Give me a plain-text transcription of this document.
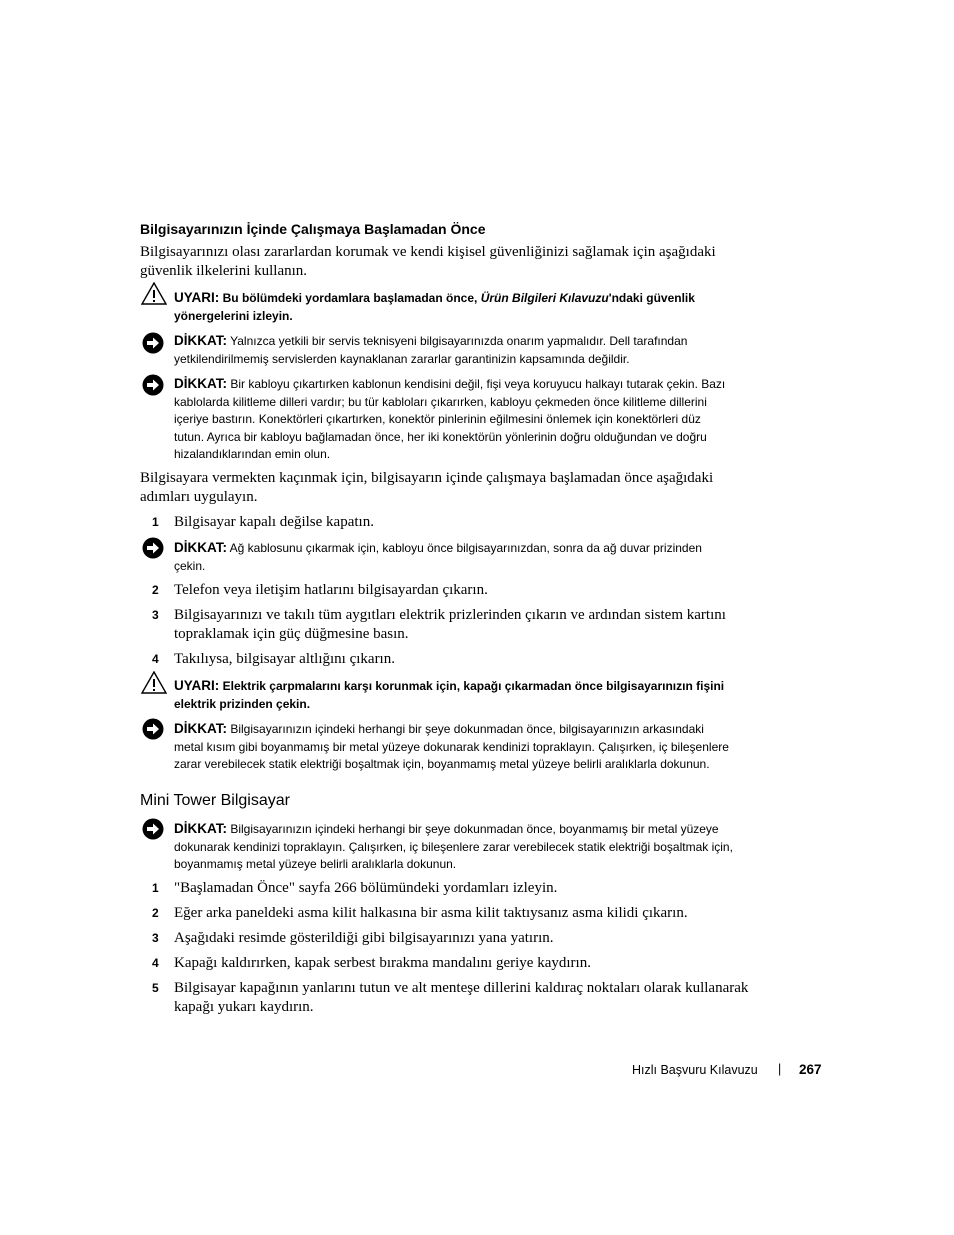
Bilgisayarınızın İçinde Çalışmaya Başlamadan Önce
Bilgisayarınızı olası zararlardan korumak ve kendi kişisel güvenliğinizi sağlamak için aşağıdaki
güvenlik ilkelerini kullanın.
UYARI: Bu bölümdeki yordamlara başlamadan önce, Ürün Bilgileri Kılavuzu'ndaki güvenlik
yönergelerini izleyin.
DİKKAT: Yalnızca yetkili bir servis teknisyeni bilgisayarınızda onarım yapmalıdır. Dell tarafından
yetkilendirilmemiş servislerden kaynaklanan zararlar garantinizin kapsamında değildir.
DİKKAT: Bir kabloyu çıkartırken kablonun kendisini değil, fişi veya koruyucu halkayı tutarak çekin. Bazı
kablolarda kilitleme dilleri vardır; bu tür kabloları çıkarırken, kabloyu çekmeden önce kilitleme dillerini
içeriye bastırın. Konektörleri çıkartırken, konektör pinlerinin eğilmesini önlemek için konektörleri düz
tutun. Ayrıca bir kabloyu bağlamadan önce, her iki konektörün yönlerinin doğru olduğundan ve doğru
hizalandıklarından emin olun.
Bilgisayara vermekten kaçınmak için, bilgisayarın içinde çalışmaya başlamadan önce aşağıdaki
adımları uygulayın.
1	Bilgisayar kapalı değilse kapatın.
DİKKAT: Ağ kablosunu çıkarmak için, kabloyu önce bilgisayarınızdan, sonra da ağ duvar prizinden
çekin.
2	Telefon veya iletişim hatlarını bilgisayardan çıkarın.
3	Bilgisayarınızı ve takılı tüm aygıtları elektrik prizlerinden çıkarın ve ardından sistem kartını
topraklamak için güç düğmesine basın.
4	Takılıysa, bilgisayar altlığını çıkarın.
UYARI: Elektrik çarpmalarını karşı korunmak için, kapağı çıkarmadan önce bilgisayarınızın fişini
elektrik prizinden çekin.
DİKKAT: Bilgisayarınızın içindeki herhangi bir şeye dokunmadan önce, bilgisayarınızın arkasındaki
metal kısım gibi boyanmamış bir metal yüzeye dokunarak kendinizi topraklayın. Çalışırken, iç bileşenlere
zarar verebilecek statik elektriği boşaltmak için, boyanmamış metal yüzeye belirli aralıklarla dokunun.
Mini Tower Bilgisayar
DİKKAT: Bilgisayarınızın içindeki herhangi bir şeye dokunmadan önce, boyanmamış bir metal yüzeye
dokunarak kendinizi topraklayın. Çalışırken, iç bileşenlere zarar verebilecek statik elektriği boşaltmak için,
boyanmamış metal yüzeye belirli aralıklarla dokunun.
1	"Başlamadan Önce" sayfa 266 bölümündeki yordamları izleyin.
2	Eğer arka paneldeki asma kilit halkasına bir asma kilit taktıysanız asma kilidi çıkarın.
3	Aşağıdaki resimde gösterildiği gibi bilgisayarınızı yana yatırın.
4	Kapağı kaldırırken, kapak serbest bırakma mandalını geriye kaydırın.
5	Bilgisayar kapağının yanlarını tutun ve alt menteşe dillerini kaldıraç noktaları olarak kullanarak
kapağı yukarı kaydırın.
Hızlı Başvuru Kılavuzu | 267
